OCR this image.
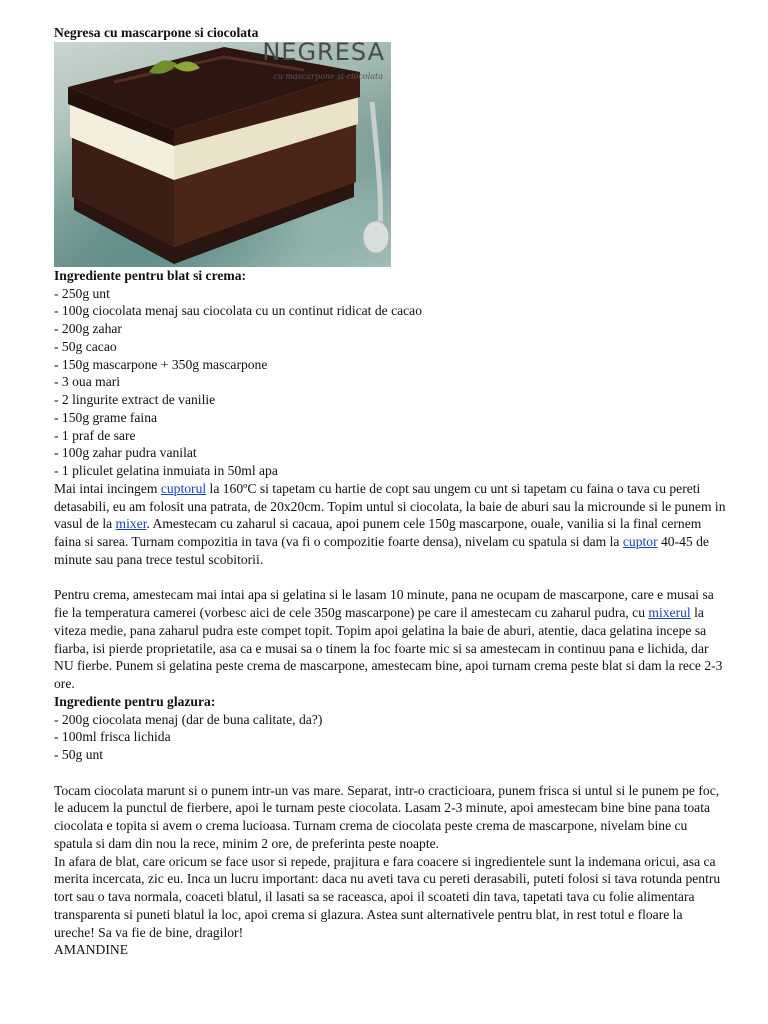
Negresa cu mascarpone si ciocolata

NEGRESA
cu mascarpone si ciocolata
Ingrediente pentru blat si crema:
- 250g unt
- 100g ciocolata menaj sau ciocolata cu un continut ridicat de cacao
- 200g zahar
- 50g cacao
- 150g mascarpone + 350g mascarpone
- 3 oua mari
- 2 lingurite extract de vanilie
- 150g grame faina
- 1 praf de sare
- 100g zahar pudra vanilat
- 1 pliculet gelatina inmuiata in 50ml apa

Mai intai incingem cuptorul la 160ºC si tapetam cu hartie de copt sau ungem cu unt si tapetam cu faina o tava cu pereti detasabili, eu am folosit una patrata, de 20x20cm. Topim untul si ciocolata, la baie de aburi sau la microunde si le punem in vasul de la mixer. Amestecam cu zaharul si cacaua, apoi punem cele 150g mascarpone, ouale, vanilia si la final cernem faina si sarea. Turnam compozitia in tava (va fi o compozitie foarte densa), nivelam cu spatula si dam la cuptor 40-45 de minute sau pana trece testul scobitorii.

Pentru crema, amestecam mai intai apa si gelatina si le lasam 10 minute, pana ne ocupam de mascarpone, care e musai sa fie la temperatura camerei (vorbesc aici de cele 350g mascarpone) pe care il amestecam cu zaharul pudra, cu mixerul la viteza medie, pana zaharul pudra este compet topit. Topim apoi gelatina la baie de aburi, atentie, daca gelatina incepe sa fiarba, isi pierde proprietatile, asa ca e musai sa o tinem la foc foarte mic si sa amestecam in continuu pana e lichida, dar NU fierbe. Punem si gelatina peste crema de mascarpone, amestecam bine, apoi turnam crema peste blat si dam la rece 2-3 ore.

Ingrediente pentru glazura:
- 200g ciocolata menaj (dar de buna calitate, da?)
- 100ml frisca lichida
- 50g unt

Tocam ciocolata marunt si o punem intr-un vas mare. Separat, intr-o cracticioara, punem frisca si untul si le punem pe foc, le aducem la punctul de fierbere, apoi le turnam peste ciocolata. Lasam 2-3 minute, apoi amestecam bine bine pana toata ciocolata e topita si avem o crema lucioasa. Turnam crema de ciocolata peste crema de mascarpone, nivelam bine cu spatula si dam din nou la rece, minim 2 ore, de preferinta peste noapte.

In afara de blat, care oricum se face usor si repede, prajitura e fara coacere si ingredientele sunt la indemana oricui, asa ca merita incercata, zic eu. Inca un lucru important: daca nu aveti tava cu pereti derasabili, puteti folosi si tava rotunda pentru tort sau o tava normala, coaceti blatul, il lasati sa se raceasca, apoi il scoateti din tava, tapetati tava cu folie alimentara transparenta si puneti blatul la loc, apoi crema si glazura. Astea sunt alternativele pentru blat, in rest totul e floare la ureche! Sa va fie de bine, dragilor!

AMANDINE
